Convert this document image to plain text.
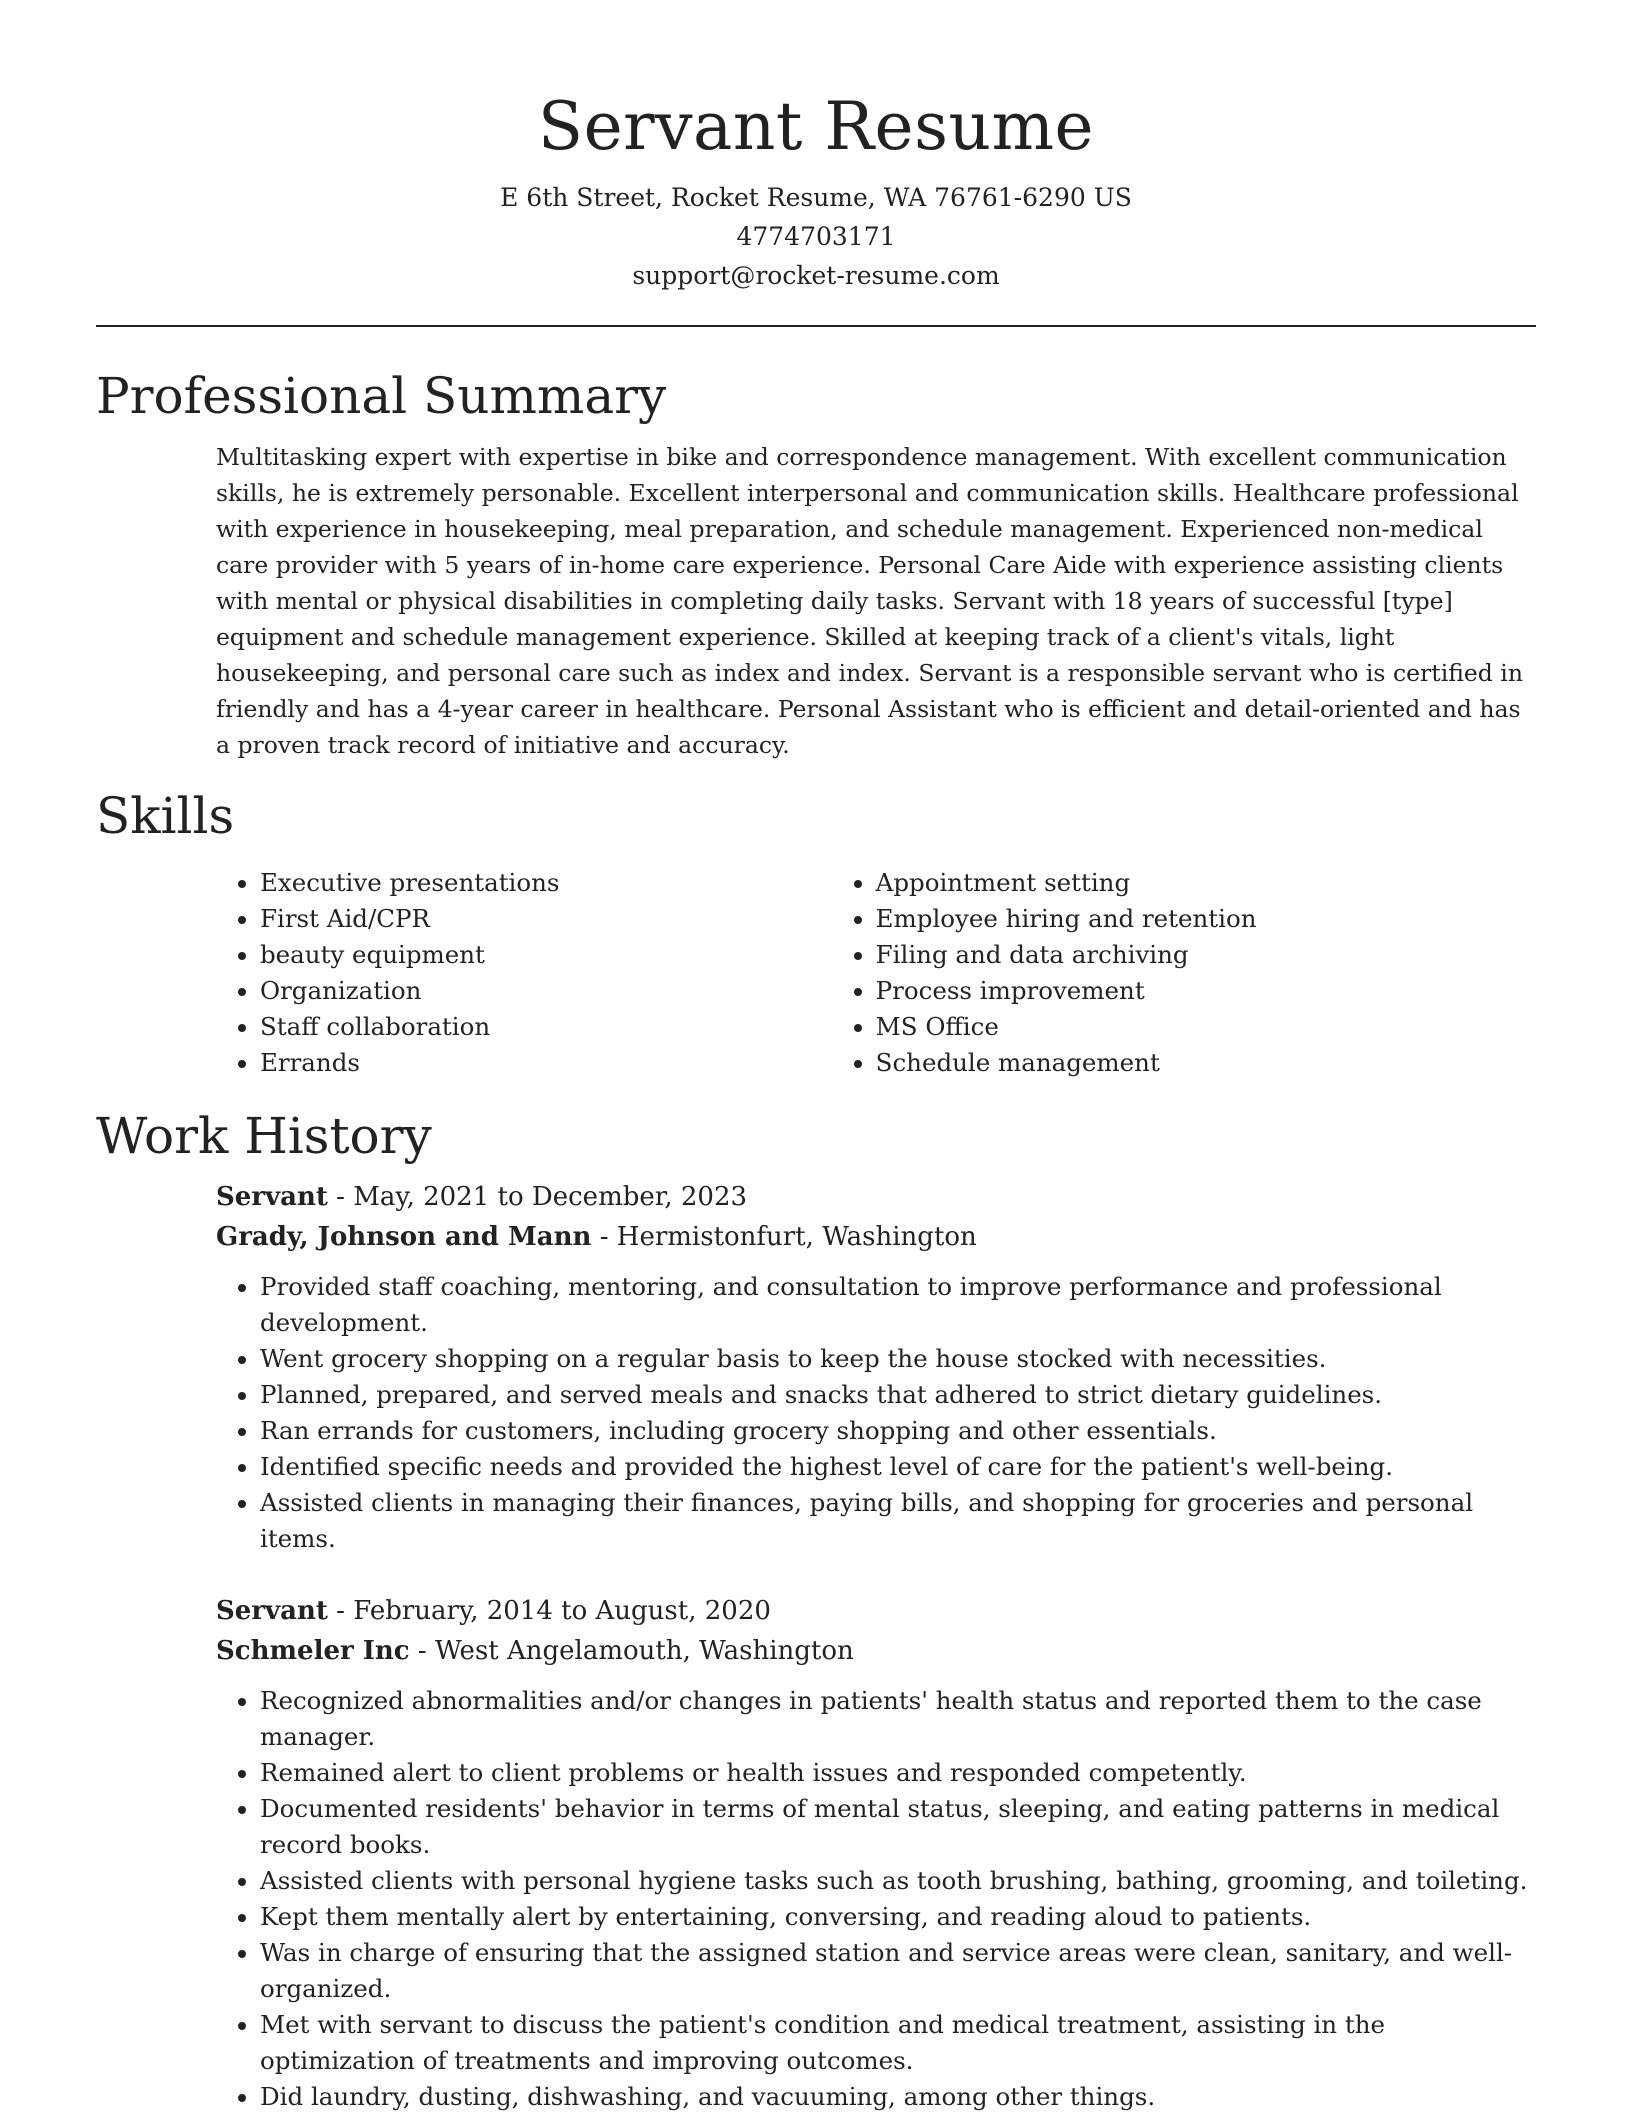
Servant Resume
E 6th Street, Rocket Resume, WA 76761-6290 US
4774703171
support@rocket-resume.com
Professional Summary

Multitasking expert with expertise in bike and correspondence management. With excellent communication skills, he is extremely personable. Excellent interpersonal and communication skills. Healthcare professional with experience in housekeeping, meal preparation, and schedule management. Experienced non-medical care provider with 5 years of in-home care experience. Personal Care Aide with experience assisting clients with mental or physical disabilities in completing daily tasks. Servant with 18 years of successful [type] equipment and schedule management experience. Skilled at keeping track of a client's vitals, light housekeeping, and personal care such as index and index. Servant is a responsible servant who is certified in friendly and has a 4-year career in healthcare. Personal Assistant who is efficient and detail-oriented and has a proven track record of initiative and accuracy.

Skills
• Executive presentations
• First Aid/CPR
• beauty equipment
• Organization
• Staff collaboration
• Errands
• Appointment setting
• Employee hiring and retention
• Filing and data archiving
• Process improvement
• MS Office
• Schedule management
Work History
Servant - May, 2021 to December, 2023
Grady, Johnson and Mann - Hermistonfurt, Washington
• Provided staff coaching, mentoring, and consultation to improve performance and professional development.
• Went grocery shopping on a regular basis to keep the house stocked with necessities.
• Planned, prepared, and served meals and snacks that adhered to strict dietary guidelines.
• Ran errands for customers, including grocery shopping and other essentials.
• Identified specific needs and provided the highest level of care for the patient's well-being.
• Assisted clients in managing their finances, paying bills, and shopping for groceries and personal items.
Servant - February, 2014 to August, 2020
Schmeler Inc - West Angelamouth, Washington
• Recognized abnormalities and/or changes in patients' health status and reported them to the case manager.
• Remained alert to client problems or health issues and responded competently.
• Documented residents' behavior in terms of mental status, sleeping, and eating patterns in medical record books.
• Assisted clients with personal hygiene tasks such as tooth brushing, bathing, grooming, and toileting.
• Kept them mentally alert by entertaining, conversing, and reading aloud to patients.
• Was in charge of ensuring that the assigned station and service areas were clean, sanitary, and well-organized.
• Met with servant to discuss the patient's condition and medical treatment, assisting in the optimization of treatments and improving outcomes.
• Did laundry, dusting, dishwashing, and vacuuming, among other things.
